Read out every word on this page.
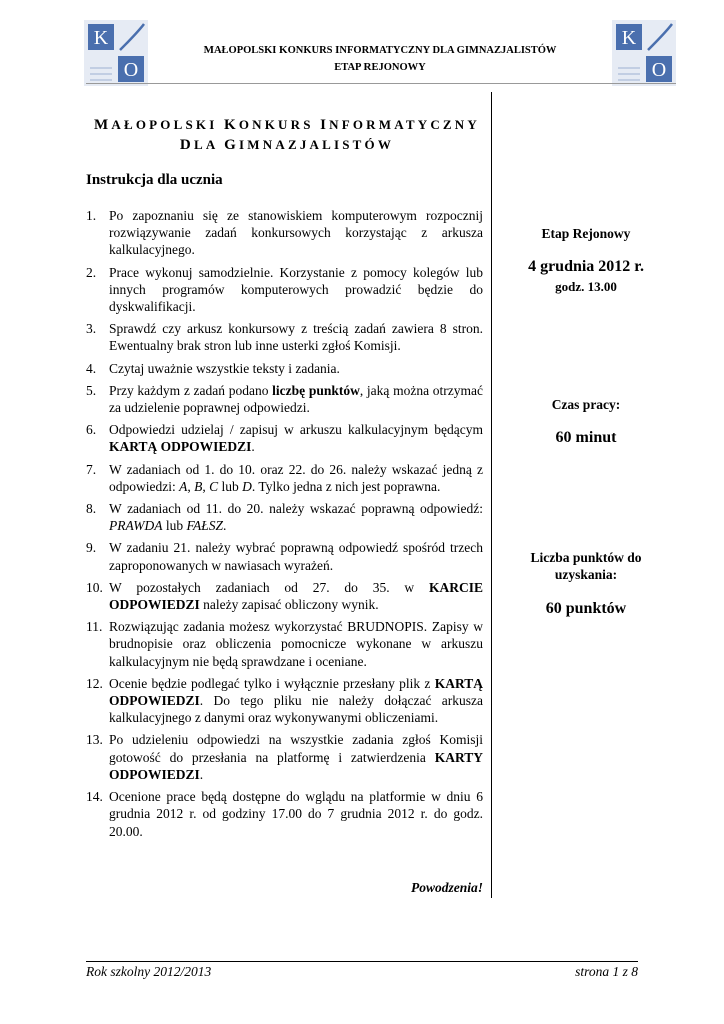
K
O
K
O
MAŁOPOLSKI KONKURS INFORMATYCZNY DLA GIMNAZJALISTÓW
ETAP REJONOWY
MAŁOPOLSKI KONKURS INFORMATYCZNY
DLA GIMNAZJALISTÓW
Instrukcja dla ucznia
1. Po zapoznaniu się ze stanowiskiem komputerowym rozpocznij rozwiązywanie zadań konkursowych korzystając z arkusza kalkulacyjnego.
2. Prace wykonuj samodzielnie. Korzystanie z pomocy kolegów lub innych programów komputerowych prowadzić będzie do dyskwalifikacji.
3. Sprawdź czy arkusz konkursowy z treścią zadań zawiera 8 stron. Ewentualny brak stron lub inne usterki zgłoś Komisji.
4. Czytaj uważnie wszystkie teksty i zadania.
5. Przy każdym z zadań podano liczbę punktów, jaką można otrzymać za udzielenie poprawnej odpowiedzi.
6. Odpowiedzi udzielaj / zapisuj w arkuszu kalkulacyjnym będącym KARTĄ ODPOWIEDZI.
7. W zadaniach od 1. do 10. oraz 22. do 26. należy wskazać jedną z odpowiedzi: A, B, C lub D. Tylko jedna z nich jest poprawna.
8. W zadaniach od 11. do 20. należy wskazać poprawną odpowiedź: PRAWDA lub FAŁSZ.
9. W zadaniu 21. należy wybrać poprawną odpowiedź spośród trzech zaproponowanych w nawiasach wyrażeń.
10. W pozostałych zadaniach od 27. do 35. w KARCIE ODPOWIEDZI należy zapisać obliczony wynik.
11. Rozwiązując zadania możesz wykorzystać BRUDNOPIS. Zapisy w brudnopisie oraz obliczenia pomocnicze wykonane w arkuszu kalkulacyjnym nie będą sprawdzane i oceniane.
12. Ocenie będzie podlegać tylko i wyłącznie przesłany plik z KARTĄ ODPOWIEDZI. Do tego pliku nie należy dołączać arkusza kalkulacyjnego z danymi oraz wykonywanymi obliczeniami.
13. Po udzieleniu odpowiedzi na wszystkie zadania zgłoś Komisji gotowość do przesłania na platformę i zatwierdzenia KARTY ODPOWIEDZI.
14. Ocenione prace będą dostępne do wglądu na platformie w dniu 6 grudnia 2012 r. od godziny 17.00 do 7 grudnia 2012 r. do godz. 20.00.
Powodzenia!
Etap Rejonowy
4 grudnia 2012 r.
godz. 13.00
Czas pracy:
60 minut
Liczba punktów do uzyskania:
60 punktów
Rok szkolny 2012/2013	strona 1 z 8
